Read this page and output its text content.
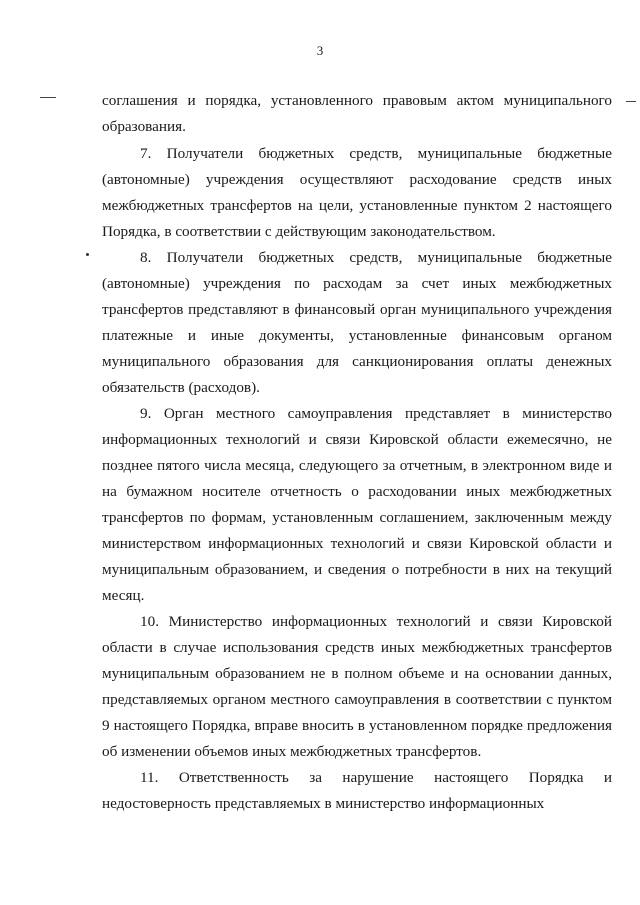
3

соглашения и порядка, установленного правовым актом муниципального образования.

7. Получатели бюджетных средств, муниципальные бюджетные (автономные) учреждения осуществляют расходование средств иных межбюджетных трансфертов на цели, установленные пунктом 2 настоящего Порядка, в соответствии с действующим законодательством.

8. Получатели бюджетных средств, муниципальные бюджетные (автономные) учреждения по расходам за счет иных межбюджетных трансфертов представляют в финансовый орган муниципального учреждения платежные и иные документы, установленные финансовым органом муниципального образования для санкционирования оплаты денежных обязательств (расходов).

9. Орган местного самоуправления представляет в министерство информационных технологий и связи Кировской области ежемесячно, не позднее пятого числа месяца, следующего за отчетным, в электронном виде и на бумажном носителе отчетность о расходовании иных межбюджетных трансфертов по формам, установленным соглашением, заключенным между министерством информационных технологий и связи Кировской области и муниципальным образованием, и сведения о потребности в них на текущий месяц.

10. Министерство информационных технологий и связи Кировской области в случае использования средств иных межбюджетных трансфертов муниципальным образованием не в полном объеме и на основании данных, представляемых органом местного самоуправления в соответствии с пунктом 9 настоящего Порядка, вправе вносить в установленном порядке предложения об изменении объемов иных межбюджетных трансфертов.

11. Ответственность за нарушение настоящего Порядка и недостоверность представляемых в министерство информационных
